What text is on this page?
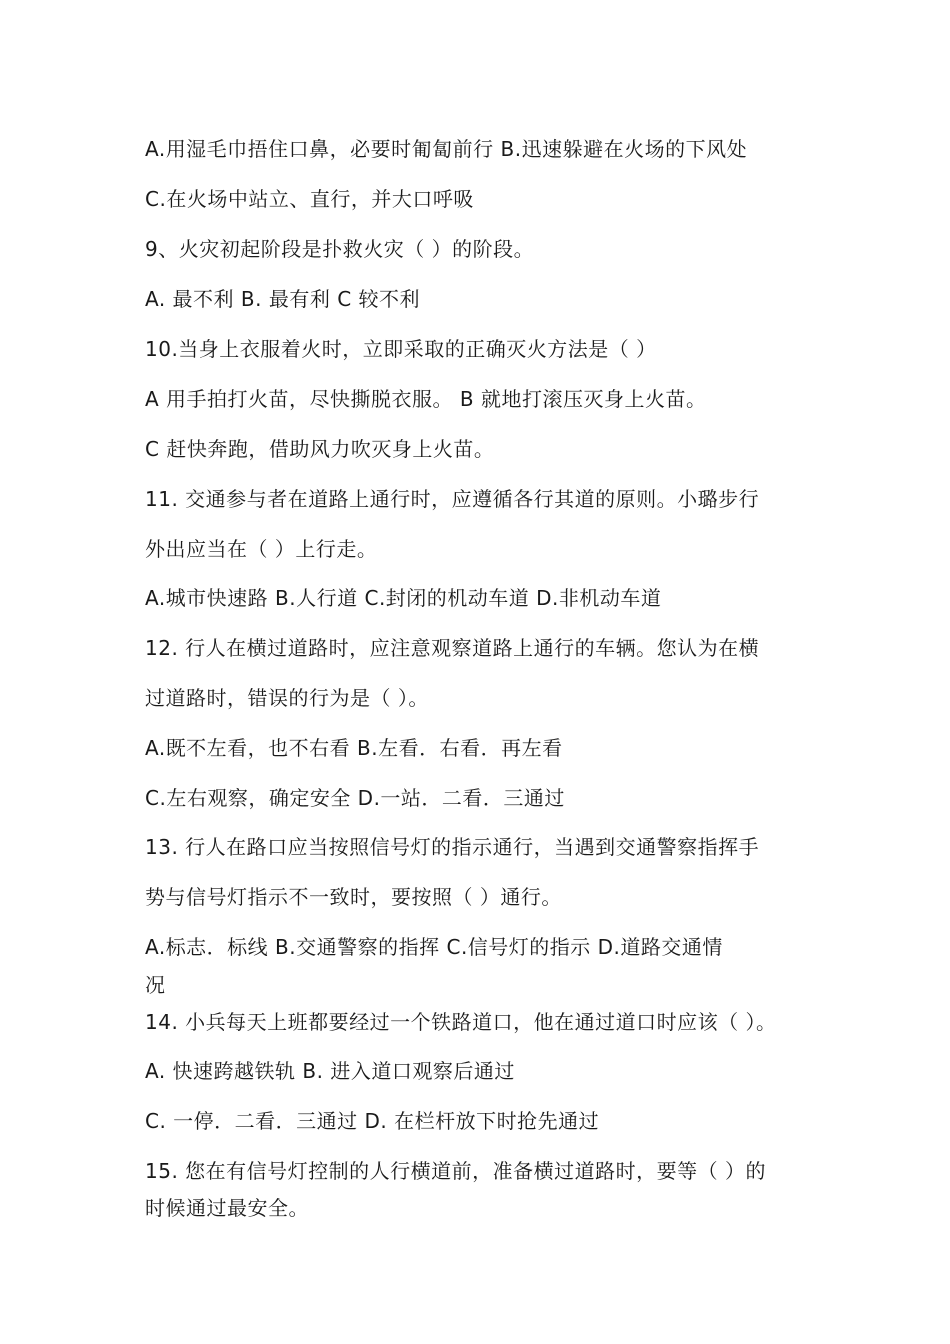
A.用湿毛巾捂住口鼻，必要时匍匐前行 B.迅速躲避在火场的下风处
C.在火场中站立、直行，并大口呼吸
9、火灾初起阶段是扑救火灾（ ）的阶段。
A. 最不利 B. 最有利 C 较不利
10.当身上衣服着火时，立即采取的正确灭火方法是（ ）
A 用手拍打火苗，尽快撕脱衣服。 B 就地打滚压灭身上火苗。
C 赶快奔跑，借助风力吹灭身上火苗。
11. 交通参与者在道路上通行时，应遵循各行其道的原则。小璐步行
外出应当在（ ）上行走。
A.城市快速路 B.人行道 C.封闭的机动车道 D.非机动车道
12. 行人在横过道路时，应注意观察道路上通行的车辆。您认为在横
过道路时，错误的行为是（ ）。
A.既不左看，也不右看 B.左看．右看．再左看
C.左右观察，确定安全 D.一站．二看．三通过
13. 行人在路口应当按照信号灯的指示通行，当遇到交通警察指挥手
势与信号灯指示不一致时，要按照（ ）通行。
A.标志．标线 B.交通警察的指挥 C.信号灯的指示 D.道路交通情
况
14. 小兵每天上班都要经过一个铁路道口，他在通过道口时应该（ ）。
A. 快速跨越铁轨 B. 进入道口观察后通过
C. 一停．二看．三通过 D. 在栏杆放下时抢先通过
15. 您在有信号灯控制的人行横道前，准备横过道路时，要等（ ）的
时候通过最安全。
